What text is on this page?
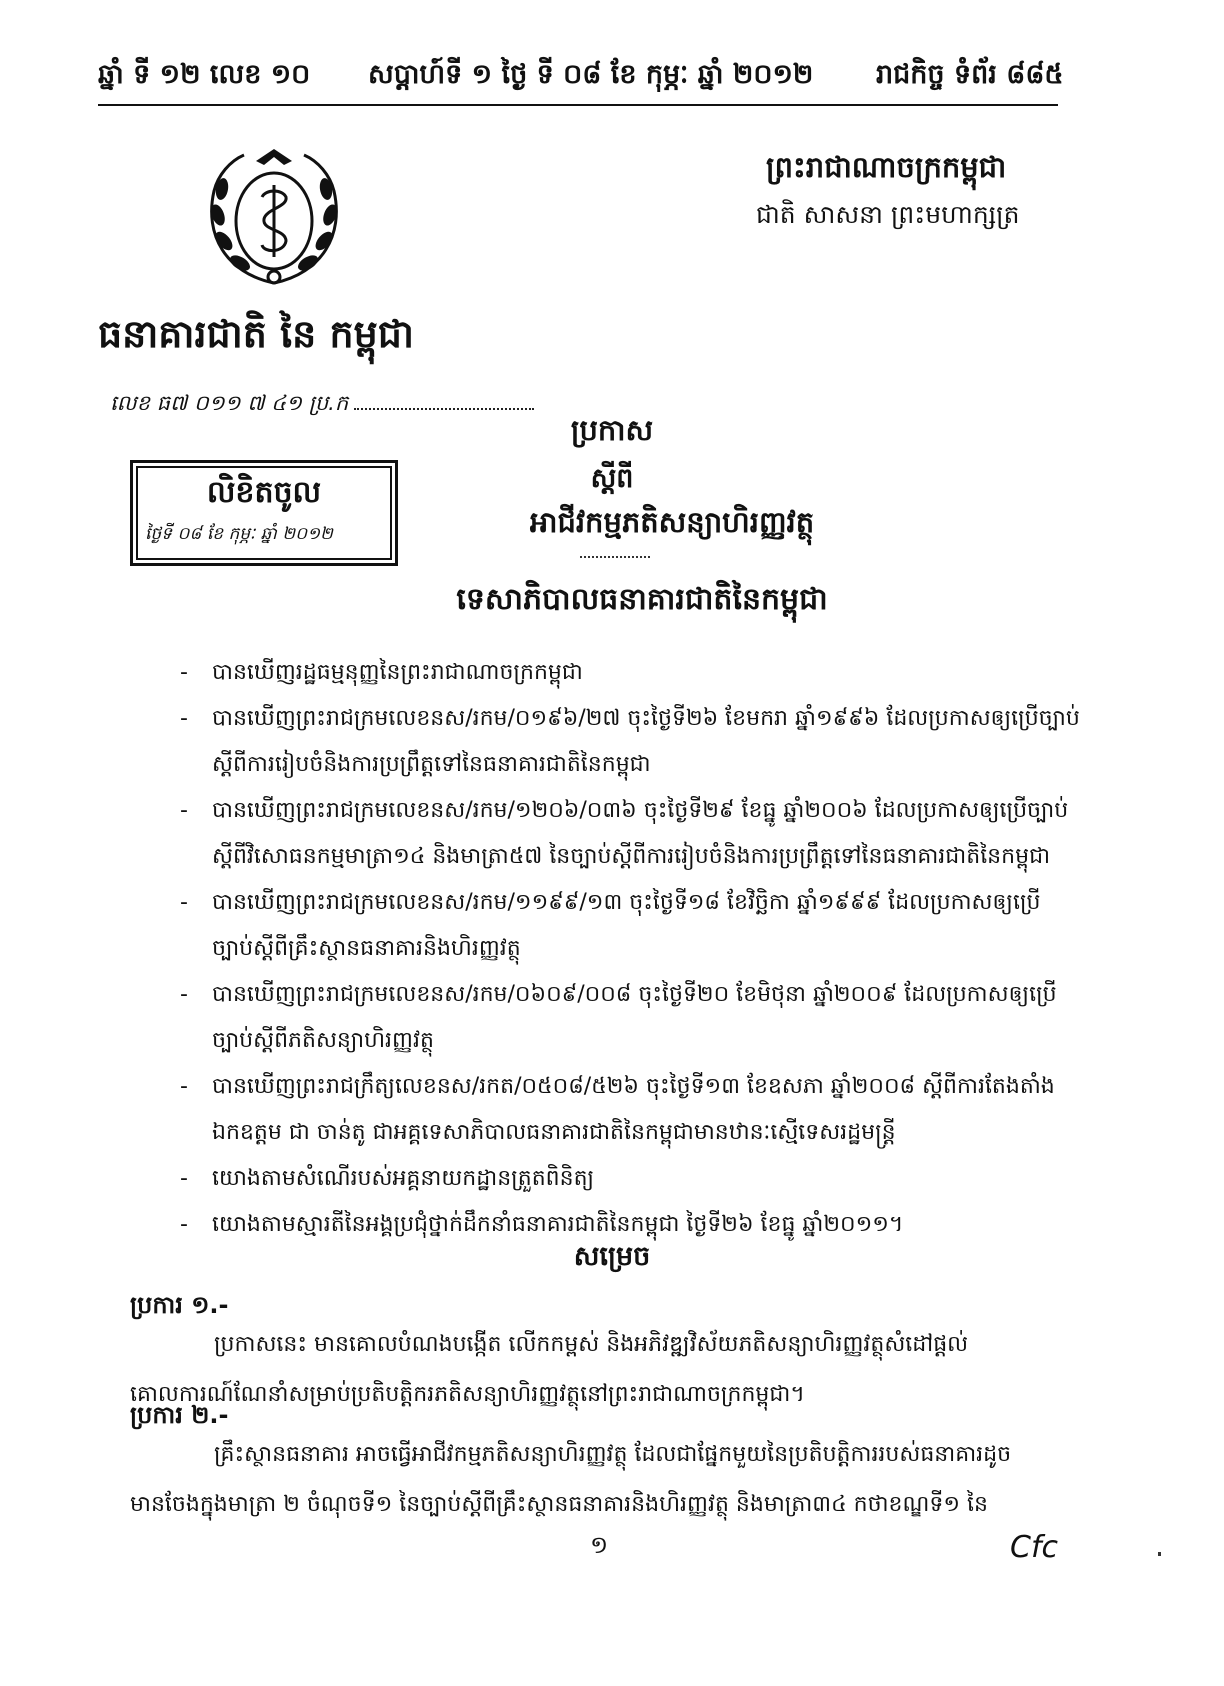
ឆ្នាំ ទី ១២ លេខ ១០ សប្តាហ៍ទី ១ ថ្ងៃ ទី ០៨ ខែ កុម្ភៈ ឆ្នាំ ២០១២ រាជកិច្ច ទំព័រ ៨៨៥
ធនាគារជាតិ នៃ កម្ពុជា
លេខ ធ៧ ០១១ ៧ ៤១ ប្រ.ក
ព្រះរាជាណាចក្រកម្ពុជា
ជាតិ សាសនា ព្រះមហាក្សត្រ
លិខិតចូល
ថ្ងៃទី ០៨ ខែ កុម្ភៈ ឆ្នាំ ២០១២
ប្រកាស
ស្តីពី
អាជីវកម្មភតិសន្យាហិរញ្ញវត្ថុ
ទេសាភិបាលធនាគារជាតិនៃកម្ពុជា
- បានឃើញរដ្ឋធម្មនុញ្ញនៃព្រះរាជាណាចក្រកម្ពុជា
- បានឃើញព្រះរាជក្រមលេខនស/រកម/០១៩៦/២៧ ចុះថ្ងៃទី២៦ ខែមករា ឆ្នាំ១៩៩៦ ដែលប្រកាសឲ្យប្រើច្បាប់ស្តីពីការរៀបចំនិងការប្រព្រឹត្តទៅនៃធនាគារជាតិនៃកម្ពុជា
- បានឃើញព្រះរាជក្រមលេខនស/រកម/១២០៦/០៣៦ ចុះថ្ងៃទី២៩ ខែធ្នូ ឆ្នាំ២០០៦ ដែលប្រកាសឲ្យប្រើច្បាប់ស្តីពីវិសោធនកម្មមាត្រា១៤ និងមាត្រា៥៧ នៃច្បាប់ស្តីពីការរៀបចំនិងការប្រព្រឹត្តទៅនៃធនាគារជាតិនៃកម្ពុជា
- បានឃើញព្រះរាជក្រមលេខនស/រកម/១១៩៩/១៣ ចុះថ្ងៃទី១៨ ខែវិច្ឆិកា ឆ្នាំ១៩៩៩ ដែលប្រកាសឲ្យប្រើច្បាប់ស្តីពីគ្រឹះស្ថានធនាគារនិងហិរញ្ញវត្ថុ
- បានឃើញព្រះរាជក្រមលេខនស/រកម/០៦០៩/០០៨ ចុះថ្ងៃទី២០ ខែមិថុនា ឆ្នាំ២០០៩ ដែលប្រកាសឲ្យប្រើច្បាប់ស្តីពីភតិសន្យាហិរញ្ញវត្ថុ
- បានឃើញព្រះរាជក្រឹត្យលេខនស/រកត/០៥០៨/៥២៦ ចុះថ្ងៃទី១៣ ខែឧសភា ឆ្នាំ២០០៨ ស្តីពីការតែងតាំង ឯកឧត្តម ជា ចាន់តូ ជាអគ្គទេសាភិបាលធនាគារជាតិនៃកម្ពុជាមានឋានៈស្មើទេសរដ្ឋមន្ត្រី
- យោងតាមសំណើរបស់អគ្គនាយកដ្ឋានត្រួតពិនិត្យ
- យោងតាមស្មារតីនៃអង្គប្រជុំថ្នាក់ដឹកនាំធនាគារជាតិនៃកម្ពុជា ថ្ងៃទី២៦ ខែធ្នូ ឆ្នាំ២០១១។
សម្រេច
ប្រការ ១.-

ប្រកាសនេះ មានគោលបំណងបង្កើត លើកកម្ពស់ និងអភិវឌ្ឍវិស័យភតិសន្យាហិរញ្ញវត្ថុសំដៅផ្តល់គោលការណ៍ណែនាំសម្រាប់ប្រតិបត្តិករភតិសន្យាហិរញ្ញវត្ថុនៅព្រះរាជាណាចក្រកម្ពុជា។

ប្រការ ២.-

គ្រឹះស្ថានធនាគារ អាចធ្វើអាជីវកម្មភតិសន្យាហិរញ្ញវត្ថុ ដែលជាផ្នែកមួយនៃប្រតិបត្តិការរបស់ធនាគារដូចមានចែងក្នុងមាត្រា ២ ចំណុចទី១ នៃច្បាប់ស្តីពីគ្រឹះស្ថានធនាគារនិងហិរញ្ញវត្ថុ និងមាត្រា៣៤ កថាខណ្ឌទី១ នៃ

១	Cfc
